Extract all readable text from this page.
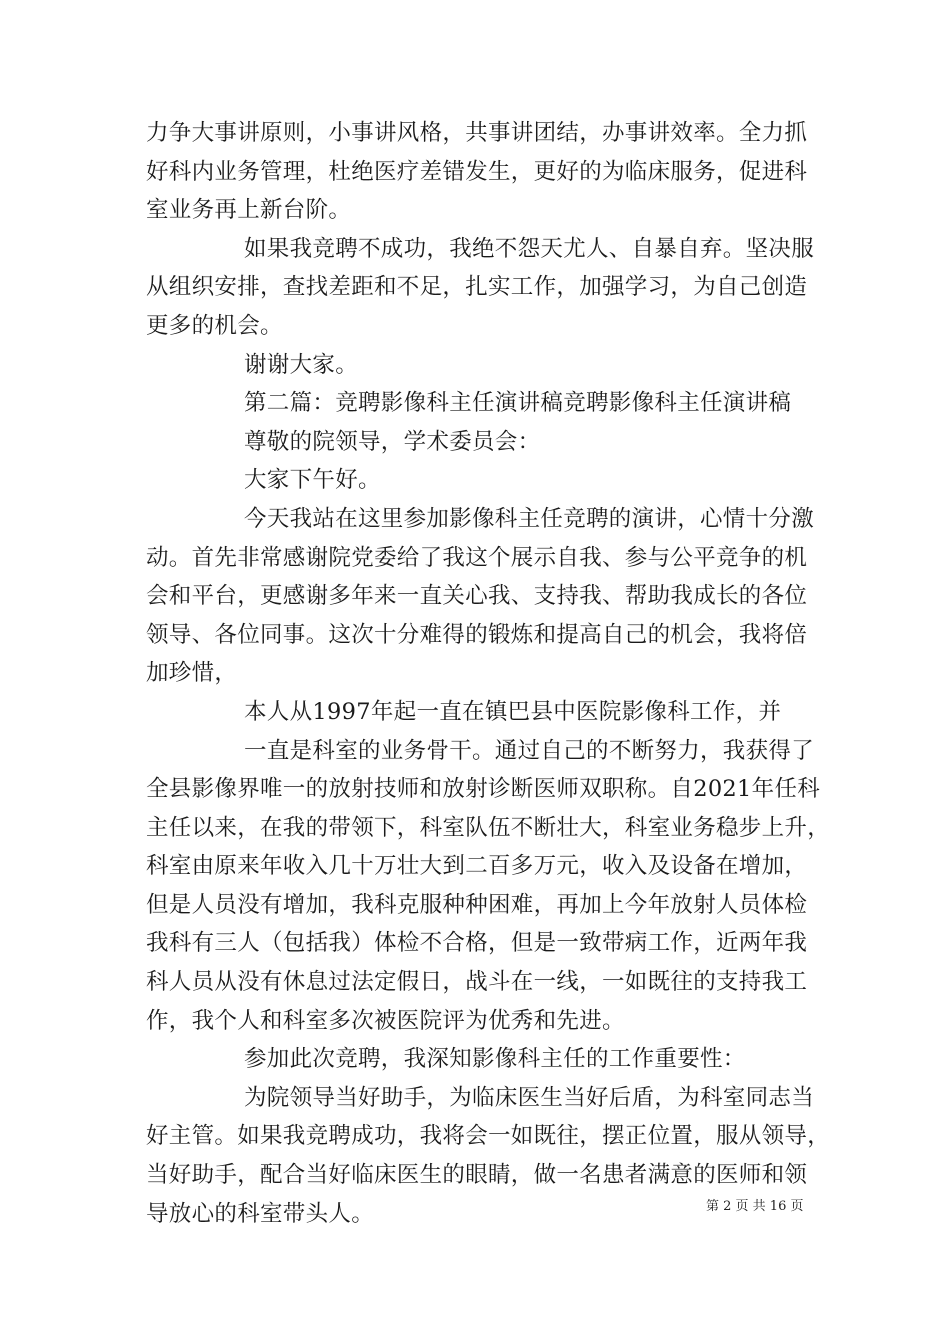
力争大事讲原则，小事讲风格，共事讲团结，办事讲效率。全力抓
好科内业务管理，杜绝医疗差错发生，更好的为临床服务，促进科
室业务再上新台阶。
如果我竞聘不成功，我绝不怨天尤人、自暴自弃。坚决服
从组织安排，查找差距和不足，扎实工作，加强学习，为自己创造
更多的机会。
谢谢大家。
第二篇：竞聘影像科主任演讲稿竞聘影像科主任演讲稿
尊敬的院领导，学术委员会：
大家下午好。
今天我站在这里参加影像科主任竞聘的演讲，心情十分激
动。首先非常感谢院党委给了我这个展示自我、参与公平竞争的机
会和平台，更感谢多年来一直关心我、支持我、帮助我成长的各位
领导、各位同事。这次十分难得的锻炼和提高自己的机会，我将倍
加珍惜，
本人从1997年起一直在镇巴县中医院影像科工作，并
一直是科室的业务骨干。通过自己的不断努力，我获得了
全县影像界唯一的放射技师和放射诊断医师双职称。自2021年任科
主任以来，在我的带领下，科室队伍不断壮大，科室业务稳步上升，
科室由原来年收入几十万壮大到二百多万元，收入及设备在增加，
但是人员没有增加，我科克服种种困难，再加上今年放射人员体检
我科有三人（包括我）体检不合格，但是一致带病工作，近两年我
科人员从没有休息过法定假日，战斗在一线，一如既往的支持我工
作，我个人和科室多次被医院评为优秀和先进。
参加此次竞聘，我深知影像科主任的工作重要性：
为院领导当好助手，为临床医生当好后盾，为科室同志当
好主管。如果我竞聘成功，我将会一如既往，摆正位置，服从领导，
当好助手，配合当好临床医生的眼睛，做一名患者满意的医师和领
导放心的科室带头人。	第 2 页 共 16 页
